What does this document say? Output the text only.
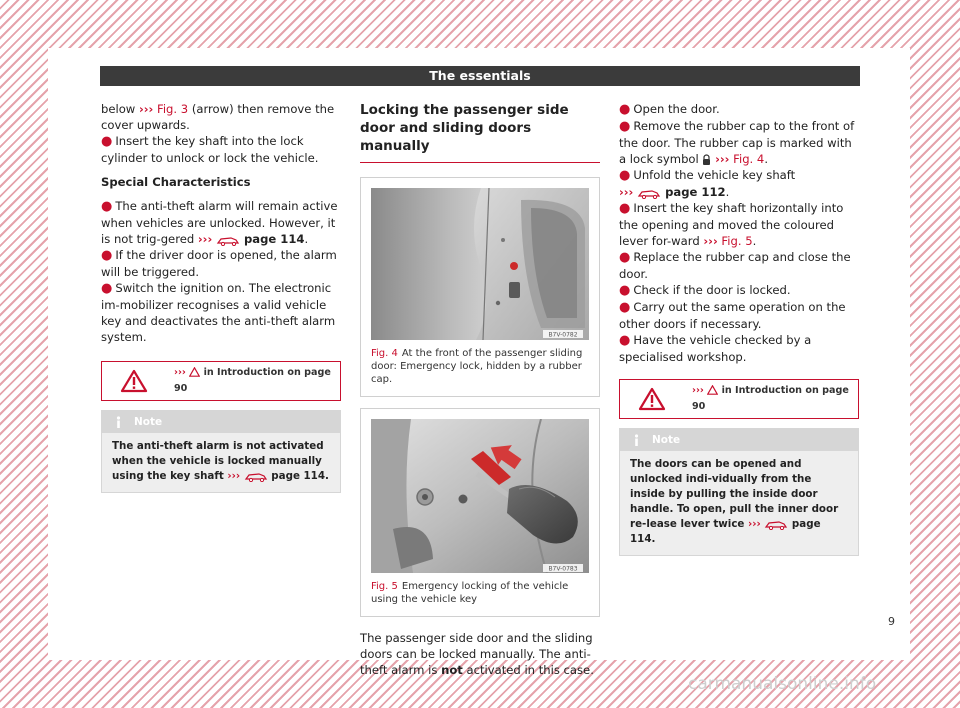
The essentials

below ››› Fig. 3 (arrow) then remove the cover upwards.

● Insert the key shaft into the lock cylinder to unlock or lock the vehicle.

Special Characteristics

● The anti-theft alarm will remain active when vehicles are unlocked. However, it is not trig-gered ›››  page 114.

● If the driver door is opened, the alarm will be triggered.

● Switch the ignition on. The electronic im-mobilizer recognises a valid vehicle key and deactivates the anti-theft alarm system.

››› in Introduction on page 90
Note
The anti-theft alarm is not activated when the vehicle is locked manually using the key shaft ›››	page 114.
Locking the passenger side door and sliding doors manually
B7V-0782
Fig. 4 At the front of the passenger sliding door: Emergency lock, hidden by a rubber cap.
B7V-0783
Fig. 5 Emergency locking of the vehicle using the vehicle key

The passenger side door and the sliding doors can be locked manually. The anti-theft alarm is not activated in this case.

● Open the door.

● Remove the rubber cap to the front of the door. The rubber cap is marked with a lock symbol  ››› Fig. 4.

● Unfold the vehicle key shaft
›››  page 112.

● Insert the key shaft horizontally into the opening and moved the coloured lever for-ward ››› Fig. 5.

● Replace the rubber cap and close the door.

● Check if the door is locked.

● Carry out the same operation on the other doors if necessary.

● Have the vehicle checked by a specialised workshop.

››› in Introduction on page 90
Note
The doors can be opened and unlocked indi-vidually from the inside by pulling the inside door handle. To open, pull the inner door re-lease lever twice ›››	page 114.
9
carmanualsonline.info
